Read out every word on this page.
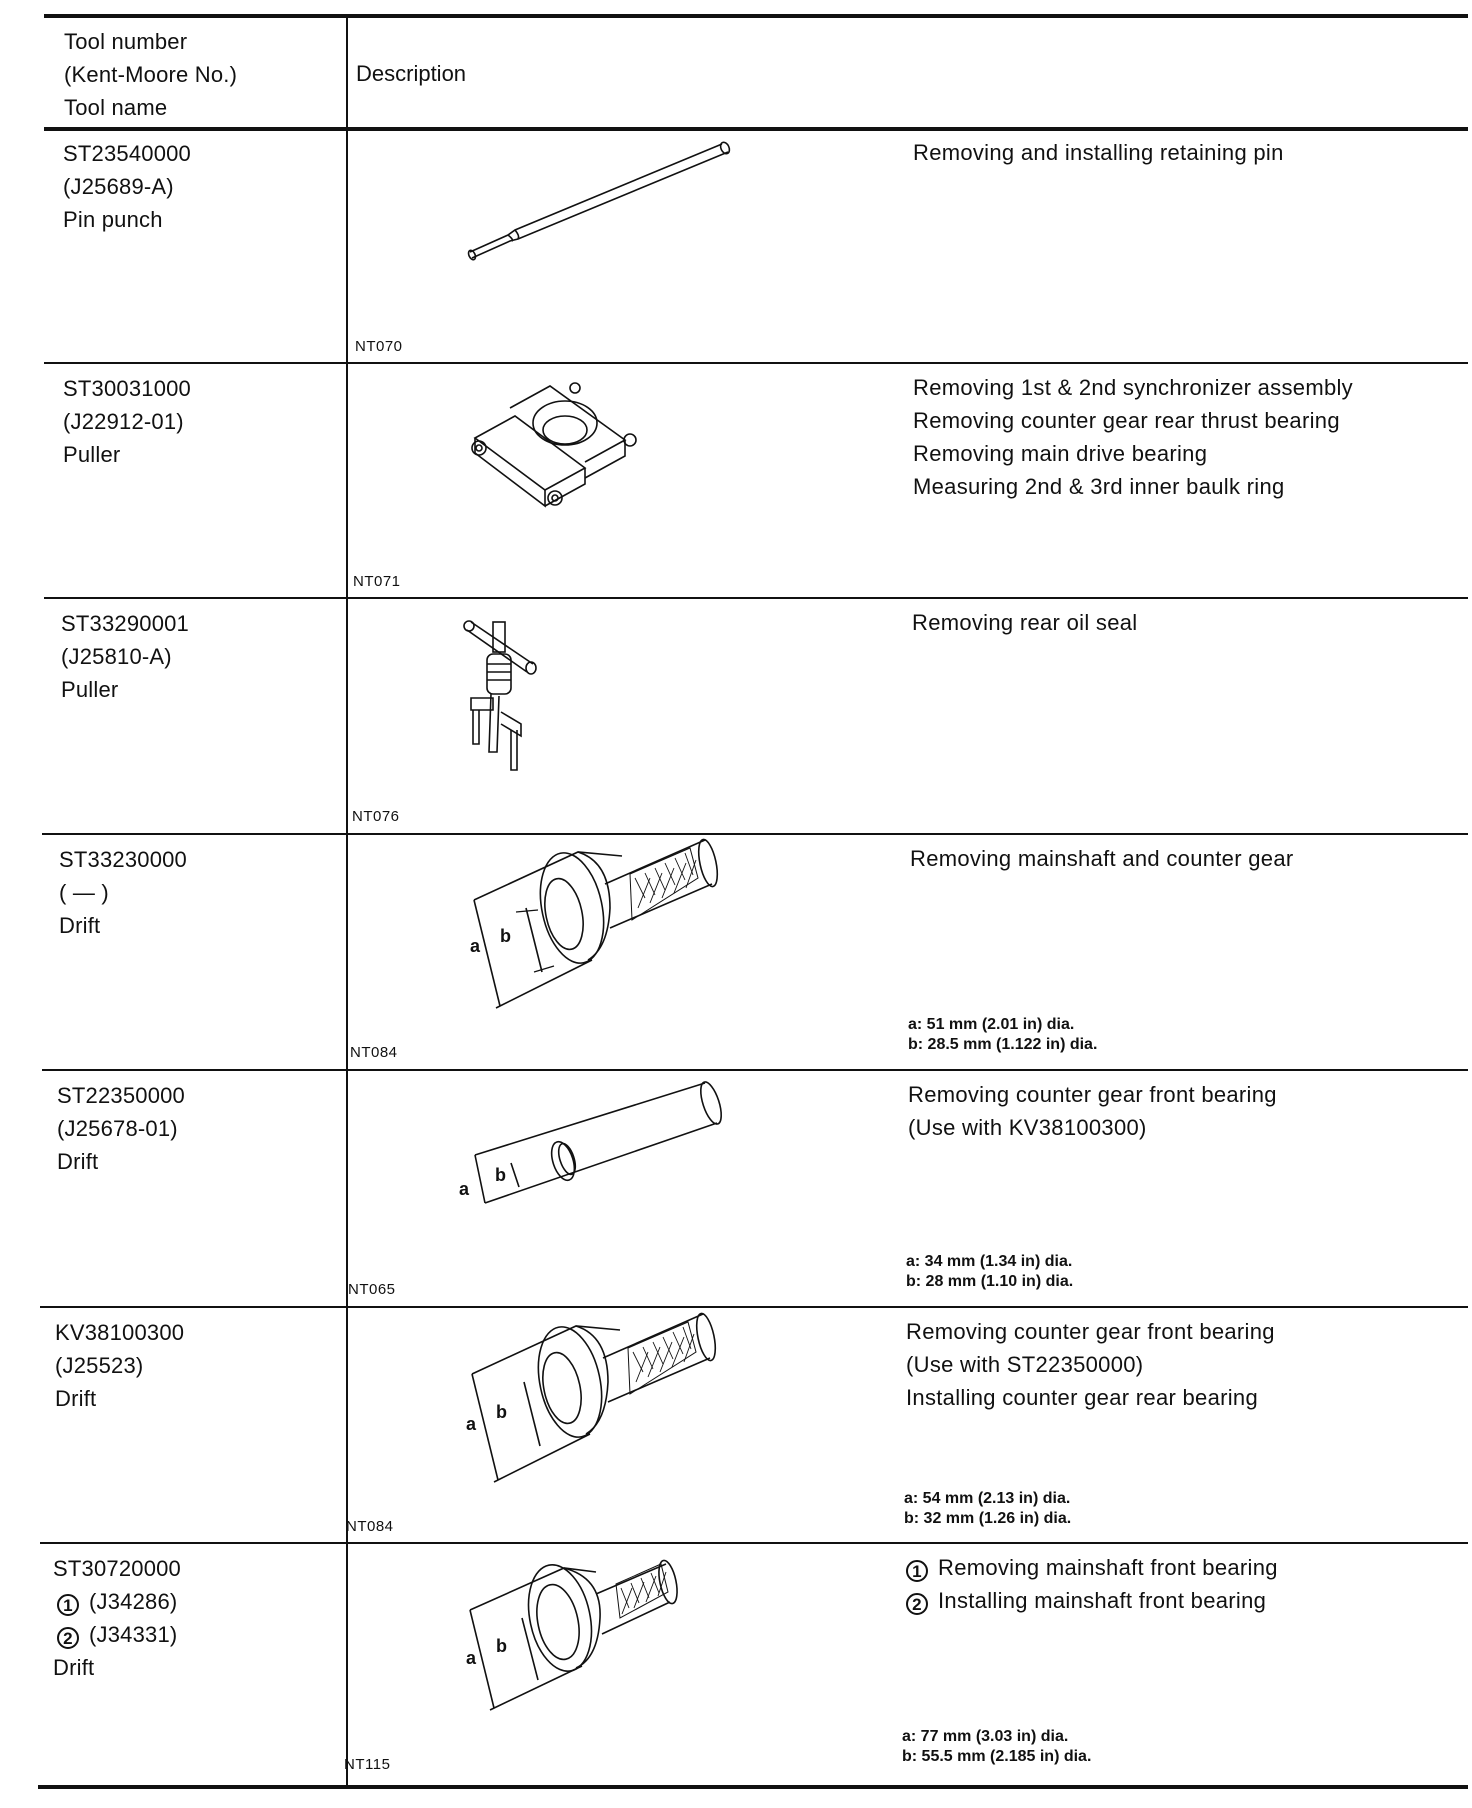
Tool number
(Kent-Moore No.)
Tool name
Description
ST23540000
(J25689-A)
Pin punch
NT070
Removing and installing retaining pin
ST30031000
(J22912-01)
Puller
NT071
Removing 1st & 2nd synchronizer assembly
Removing counter gear rear thrust bearing
Removing main drive bearing
Measuring 2nd & 3rd inner baulk ring
ST33290001
(J25810-A)
Puller
NT076
Removing rear oil seal
ST33230000
( — )
Drift
a b
NT084
Removing mainshaft and counter gear
a: 51 mm (2.01 in) dia.
b: 28.5 mm (1.122 in) dia.
ST22350000
(J25678-01)
Drift
a
b
NT065
Removing counter gear front bearing
(Use with KV38100300)
a: 34 mm (1.34 in) dia.
b: 28 mm (1.10 in) dia.
KV38100300
(J25523)
Drift
a
b
NT084
Removing counter gear front bearing
(Use with ST22350000)
Installing counter gear rear bearing
a: 54 mm (2.13 in) dia.
b: 32 mm (1.26 in) dia.
ST30720000
1 (J34286)
2 (J34331)
Drift	a
b
NT115
1 Removing mainshaft front bearing
2 Installing mainshaft front bearing
a: 77 mm (3.03 in) dia.
b: 55.5 mm (2.185 in) dia.
